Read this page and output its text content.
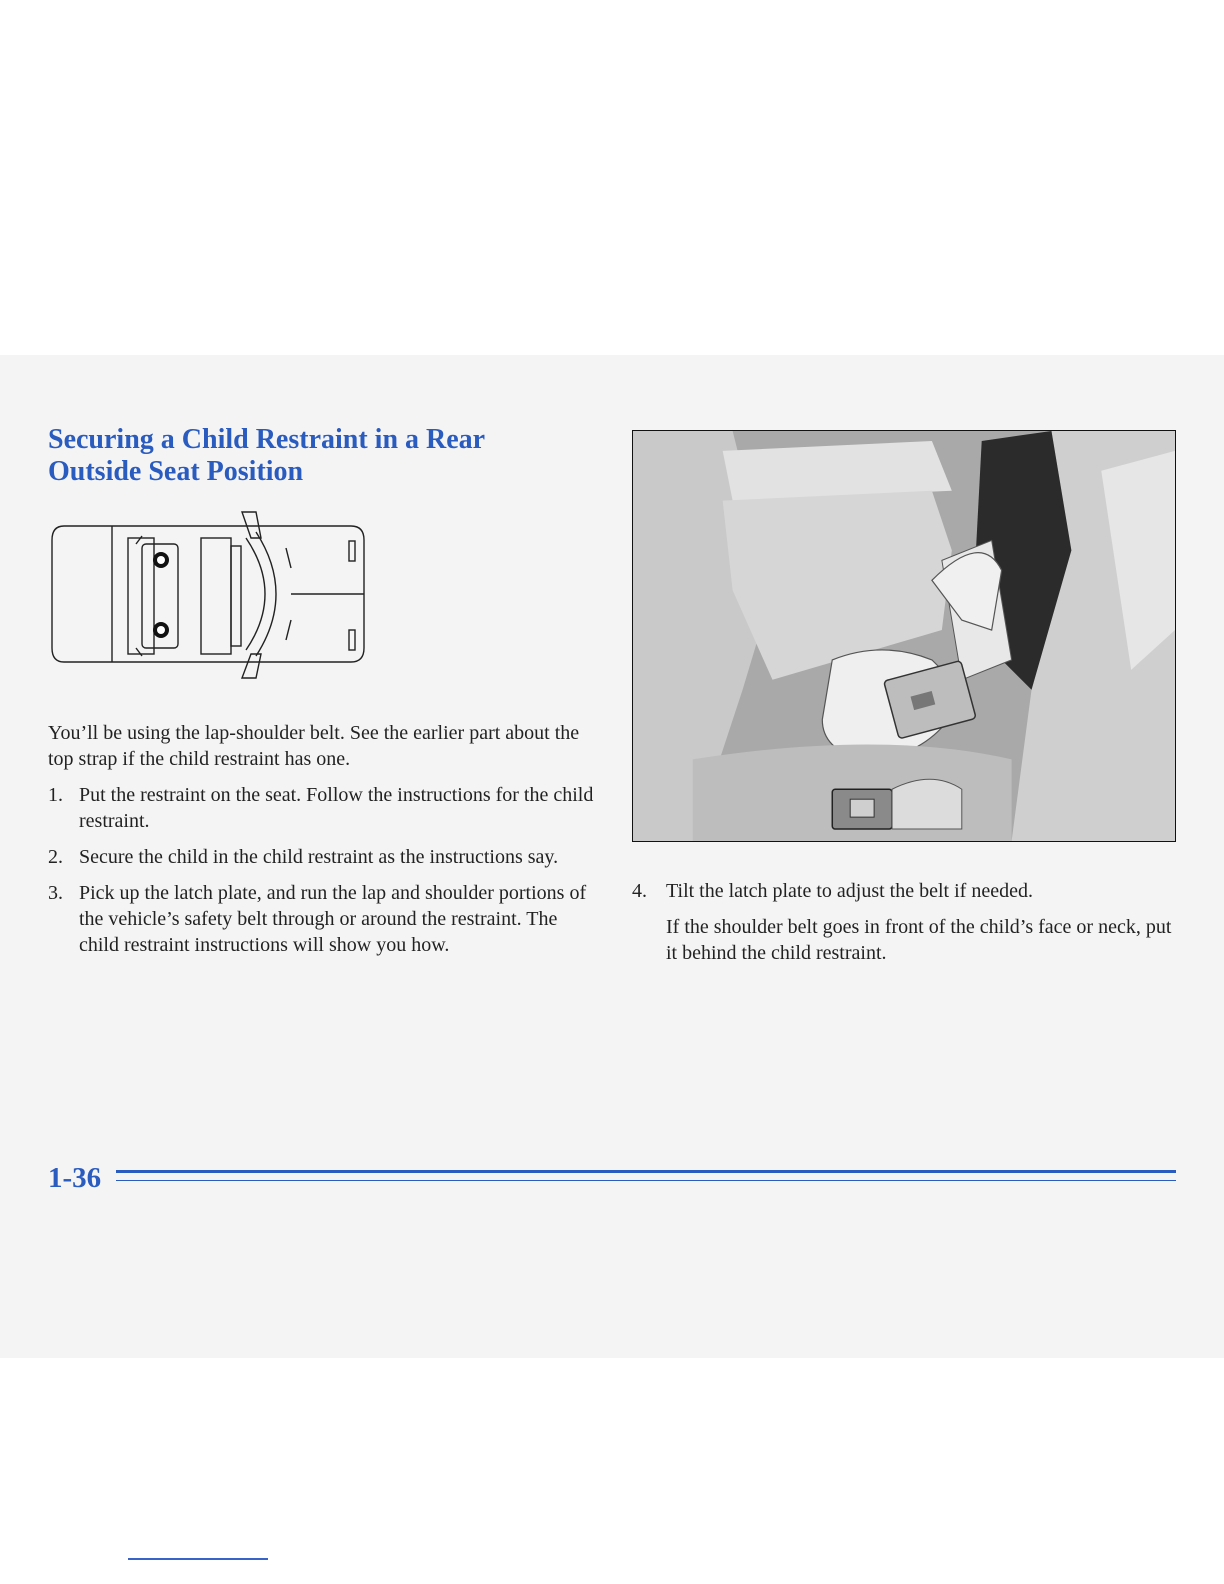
Securing a Child Restraint in a Rear
Outside Seat Position

You’ll be using the lap-shoulder belt. See the earlier part about the top strap if the child restraint has one.

1. Put the restraint on the seat. Follow the instructions for the child restraint.
2. Secure the child in the child restraint as the instructions say.
3. Pick up the latch plate, and run the lap and shoulder portions of the vehicle’s safety belt through or around the restraint. The child restraint instructions will show you how.
4. Tilt the latch plate to adjust the belt if needed.

If the shoulder belt goes in front of the child’s face or neck, put it behind the child restraint.

1-36
